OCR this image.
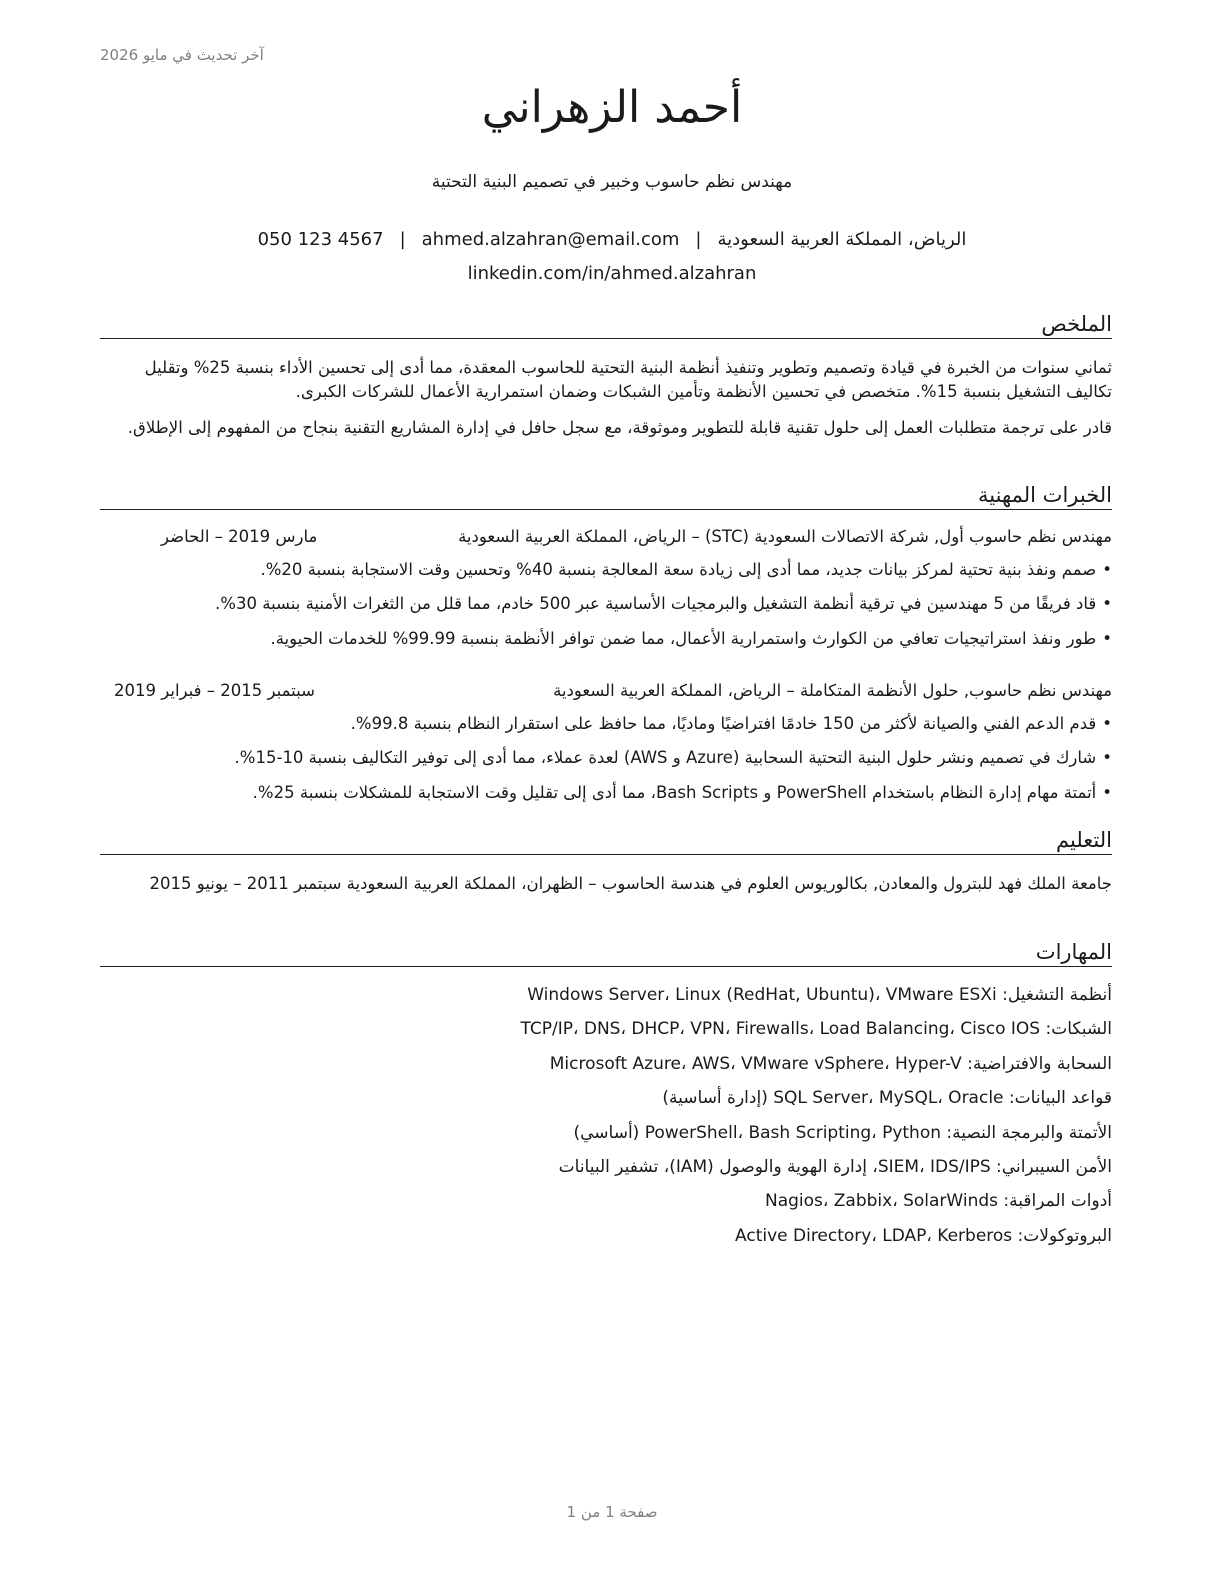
آخر تحديث في مايو 2026
أحمد الزهراني
مهندس نظم حاسوب وخبير في تصميم البنية التحتية
الرياض، المملكة العربية السعودية|ahmed.alzahran@email.com|050 123 4567
linkedin.com/in/ahmed.alzahran
الملخص
ثماني سنوات من الخبرة في قيادة وتصميم وتطوير وتنفيذ أنظمة البنية التحتية للحاسوب المعقدة، مما أدى إلى تحسين الأداء بنسبة 25% وتقليل تكاليف التشغيل بنسبة 15%. متخصص في تحسين الأنظمة وتأمين الشبكات وضمان استمرارية الأعمال للشركات الكبرى.
قادر على ترجمة متطلبات العمل إلى حلول تقنية قابلة للتطوير وموثوقة، مع سجل حافل في إدارة المشاريع التقنية بنجاح من المفهوم إلى الإطلاق.
الخبرات المهنية
مهندس نظم حاسوب أول, شركة الاتصالات السعودية (STC) – الرياض، المملكة العربية السعودية
مارس 2019 – الحاضر
•صمم ونفذ بنية تحتية لمركز بيانات جديد، مما أدى إلى زيادة سعة المعالجة بنسبة 40% وتحسين وقت الاستجابة بنسبة 20%.
•قاد فريقًا من 5 مهندسين في ترقية أنظمة التشغيل والبرمجيات الأساسية عبر 500 خادم، مما قلل من الثغرات الأمنية بنسبة 30%.
•طور ونفذ استراتيجيات تعافي من الكوارث واستمرارية الأعمال، مما ضمن توافر الأنظمة بنسبة 99.99% للخدمات الحيوية.
مهندس نظم حاسوب, حلول الأنظمة المتكاملة – الرياض، المملكة العربية السعودية
سبتمبر 2015 – فبراير 2019
•قدم الدعم الفني والصيانة لأكثر من 150 خادمًا افتراضيًا وماديًا، مما حافظ على استقرار النظام بنسبة 99.8%.
•شارك في تصميم ونشر حلول البنية التحتية السحابية (Azure و AWS) لعدة عملاء، مما أدى إلى توفير التكاليف بنسبة 10-15%.
•أتمتة مهام إدارة النظام باستخدام PowerShell و Bash Scripts، مما أدى إلى تقليل وقت الاستجابة للمشكلات بنسبة 25%.
التعليم
جامعة الملك فهد للبترول والمعادن, بكالوريوس العلوم في هندسة الحاسوب – الظهران، المملكة العربية السعودية سبتمبر 2011 – يونيو 2015
المهارات
أنظمة التشغيل: Windows Server، Linux (RedHat, Ubuntu)، VMware ESXi
الشبكات: TCP/IP، DNS، DHCP، VPN، Firewalls، Load Balancing، Cisco IOS
السحابة والافتراضية: Microsoft Azure، AWS، VMware vSphere، Hyper-V
قواعد البيانات: SQL Server، MySQL، Oracle (إدارة أساسية)
الأتمتة والبرمجة النصية: PowerShell، Bash Scripting، Python (أساسي)
الأمن السيبراني: SIEM، IDS/IPS، إدارة الهوية والوصول (IAM)، تشفير البيانات
أدوات المراقبة: Nagios، Zabbix، SolarWinds
البروتوكولات: Active Directory، LDAP، Kerberos
صفحة 1 من 1
